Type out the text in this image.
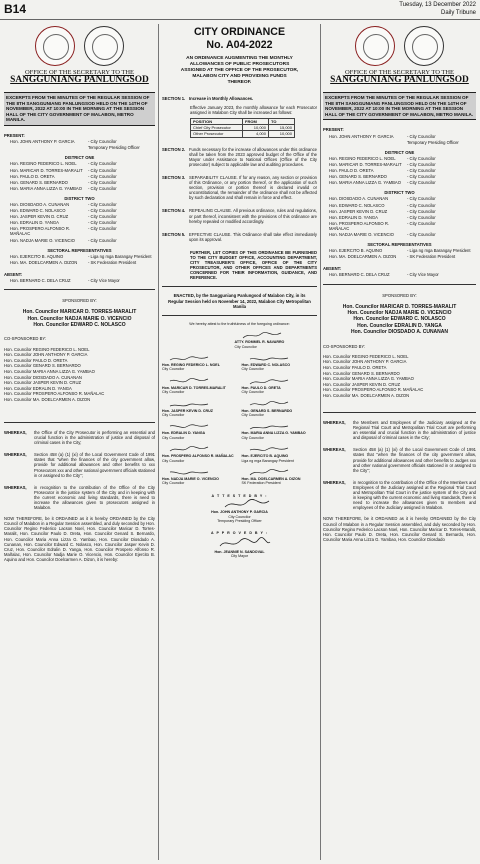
B14	Tuesday, 13 December 2022
Daily Tribune
OFFICE OF THE SECRETARY TO THE
SANGGUNIANG PANLUNGSOD
EXCERPTS FROM THE MINUTES OF THE REGULAR SESSION OF THE 8TH SANGGUNIANG PANLUNGSOD HELD ON THE 14TH OF NOVEMBER, 2022 AT 10:00 IN THE MORNING AT THE SESSION HALL OF THE CITY GOVERNMENT OF MALABON, METRO MANILA.
PRESENT:
Hon. JOHN ANTHONY P. GARCIA	- City Councilor
Temporary Presiding Officer
DISTRICT ONE
Hon. REGINO FEDERICO L. NOEL	- City Councilor
Hon. MARICAR D. TORRES-MARALIT	- City Councilor
Hon. PAULO D. ORETA	- City Councilor
Hon. GENARD S. BERNARDO	- City Councilor
Hon. MARIA ANNA LIZZA G. YAMBAO	- City Councilor
DISTRICT TWO
Hon. DIOSDADO A. CUNANAN	- City Councilor
Hon. EDWARD C. NOLASCO	- City Councilor
Hon. JASPER KEVIN D. CRUZ	- City Councilor
Hon. EDRALIN D. YANGA	- City Councilor
Hon. PROSPERO ALFONSO R. MAÑALAC
- City Councilor
Hon. NADJA MARIE O. VICENCIO	- City Councilor
SECTORAL REPRESENTATIVES
Hon. EJERCITO B. AQUINO	- Liga ng mga Barangay President
Hon. MA. DOELCARMEN A. DIZON	- SK Federation President
ABSENT:
Hon. BERNARD C. DELA CRUZ	- City Vice Mayor
SPONSORED BY:
Hon. Councilor MARICAR D. TORRES-MARALIT
Hon. Councilor NADJA MARIE O. VICENCIO
Hon. Councilor EDWARD C. NOLASCO
CO-SPONSORED BY:
Hon. Councilor REGINO FEDERICO L. NOEL
Hon. Councilor JOHN ANTHONY P. GARCIA
Hon. Councilor PAULO D. ORETA
Hon. Councilor GENARD S. BERNARDO
Hon. Councilor MARIA ANNA LIZZA G. YAMBAO
Hon. Councilor DIOSDADO A. CUNANAN
Hon. Councilor JASPER KEVIN D. CRUZ
Hon. Councilor EDRALIN D. YANGA
Hon. Councilor PROSPERO ALFONSO R. MAÑALAC
Hon. Councilor MA. DOELCARMEN A. DIZON
WHEREAS,	the Office of the City Prosecutor is performing an essential and crucial function in the administration of justice and disposal of criminal cases in the City;
WHEREAS,	Section 458 (a) (1) (xi) of the Local Government Code of 1991 states that "when the finances of the city government allow, provide for additional allowances and other benefits to xxx Prosecutors xxx and other national government officials stationed in or assigned to the City";
WHEREAS,	in recognition to the contribution of the Office of the City Prosecutor in the justice system of the City and in keeping with the current economic and living standards, there is need to increase the allowances given to prosecutors assigned in Malabon.
NOW THEREFORE, be it ORDAINED as it is hereby ORDAINED by the City Council of Malabon in a Regular Session assembled, and duly seconded by Hon. Councilor Regino Federico Lacson Noel, Hon. Councilor Maricar D. Torres-Maralit, Hon. Councilor Paulo D. Oreta, Hon. Councilor Genard S. Bernardo, Hon. Councilor Maria Anna Lizza G. Yambao, Hon. Councilor Diosdado A. Cunanan, Hon. Councilor Edward C. Nolasco, Hon. Councilor Jasper Kevin D. Cruz, Hon. Councilor Edralin D. Yanga, Hon. Councilor Prospero Alfonso R. Mañalac, Hon. Councilor Nadja Marie O. Vicencio, Hon. Councilor Ejercito B. Aquino and Hon. Councilor Doelcarmen A. Dizon, it is hereby:
CITY ORDINANCE
No. A04-2022
AN ORDINANCE AUGMENTING THE MONTHLY ALLOWANCES OF PUBLIC PROSECUTORS ASSIGNED AT THE OFFICE OF THE PROSECUTOR, MALABON CITY AND PROVIDING FUNDS THEREOF.
SECTION 1. Increase in Monthly Allowances.
Effective January 2023, the monthly allowance for each Prosecutor assigned in Malabon City shall be increased as follows:
POSITION	FROM	TO
Chief City Prosecutor	10,000	15,000
Other Prosecutor	4,000	10,000
SECTION 2. Funds necessary for the increase of allowances under this ordinance shall be taken from the 2023 approved budget of the Office of the Mayor under Assistance to National Offices (Office of the City prosecutor) subject to applicable law and auditing procedures.
SECTION 3. SEPARABILITY CLAUSE. If for any reason, any section or provision of this Ordinance, or any portion thereof, or the application of such section, provision or portion thereof is declared invalid or unconstitutional, the remainder of the ordinance shall not be affected by such declaration and shall remain in force and effect.
SECTION 4. REPEALING CLAUSE. All previous ordinance, rules and regulations, or part thereof, inconsistent with the provisions of this ordinance are hereby repealed or modified accordingly.
SECTION 5. EFFECTIVE CLAUSE. This Ordinance shall take effect immediately upon its approval.
FURTHER, LET COPIES OF THIS ORDINANCE BE FURNISHED TO THE CITY BUDGET OFFICE, ACCOUNTING DEPARTMENT, CITY TREASURER'S OFFICE, OFFICE OF THE CITY PROSECUTOR, AND OTHER OFFICES AND DEPARTMENTS CONCERNED FOR THEIR INFORMATION, GUIDANCE, AND REFERENCE.
ENACTED, by the Sangguniang Panlungsod of Malabon City, in its Regular Session held on November 14, 2022, Malabon City Metropolitan Manila
We hereby attest to the truthfulness of the foregoing ordinance:
ATTY. ROMMEL R. NAVARRO
City Councilor
Hon. REGINO FEDERICO L. NOEL
City Councilor
Hon. EDWARD C. NOLASCO
City Councilor
Hon. MARICAR D. TORRES-MARALIT
City Councilor
Hon. PAULO D. ORETA
City Councilor
Hon. JASPER KEVIN D. CRUZ
City Councilor
Hon. GENARD S. BERNARDO
City Councilor
Hon. EDRALIN D. YANGA
City Councilor
Hon. MARIA ANNA LIZZA G. YAMBAO
City Councilor
Hon. PROSPERO ALFONSO R. MAÑALAC
City Councilor
Hon. EJERCITO B. AQUINO
Liga ng mga Barangay President
Hon. NADJA MARIE O. VICENCIO
City Councilor
Hon. MA. DOELCARMEN A. DIZON
SK Federation President
A T T E S T E D B Y :
Hon. JOHN ANTHONY P. GARCIA
City Councilor
Temporary Presiding Officer
A P P R O V E D B Y :
Hon. JEANNIE N. SANDOVAL
City Mayor
OFFICE OF THE SECRETARY TO THE
SANGGUNIANG PANLUNGSOD
EXCERPTS FROM THE MINUTES OF THE REGULAR SESSION OF THE 8TH SANGGUNIANG PANLUNGSOD HELD ON THE 14TH OF NOVEMBER, 2022 AT 10:00 IN THE MORNING AT THE SESSION HALL OF THE CITY GOVERNMENT OF MALABON, METRO MANILA.
PRESENT:
Hon. JOHN ANTHONY P. GARCIA	- City Councilor
Temporary Presiding Officer
DISTRICT ONE
Hon. REGINO FEDERICO L. NOEL	- City Councilor
Hon. MARICAR D. TORRES-MARALIT	- City Councilor
Hon. PAULO D. ORETA	- City Councilor
Hon. GENARD S. BERNARDO	- City Councilor
Hon. MARIA ANNA LIZZA G. YAMBAO	- City Councilor
DISTRICT TWO
Hon. DIOSDADO A. CUNANAN	- City Councilor
Hon. EDWARD C. NOLASCO	- City Councilor
Hon. JASPER KEVIN D. CRUZ	- City Councilor
Hon. EDRALIN D. YANGA	- City Councilor
Hon. PROSPERO ALFONSO R. MAÑALAC
- City Councilor
Hon. NADJA MARIE O. VICENCIO	- City Councilor
SECTORAL REPRESENTATIVES
Hon. EJERCITO B. AQUINO	- Liga ng mga Barangay President
Hon. MA. DOELCARMEN A. DIZON	- SK Federation President
ABSENT:
Hon. BERNARD C. DELA CRUZ	- City Vice Mayor
SPONSORED BY:
Hon. Councilor MARICAR D. TORRES-MARALIT
Hon. Councilor NADJA MARIE O. VICENCIO
Hon. Councilor EDWARD C. NOLASCO
Hon. Councilor EDRALIN D. YANGA
Hon. Councilor DIOSDADO A. CUNANAN
CO-SPONSORED BY:
Hon. Councilor REGINO FEDERICO L. NOEL
Hon. Councilor JOHN ANTHONY P. GARCIA
Hon. Councilor PAULO D. ORETA
Hon. Councilor GENARD S. BERNARDO
Hon. Councilor MARIA ANNA LIZZA G. YAMBAO
Hon. Councilor JASPER KEVIN D. CRUZ
Hon. Councilor PROSPERO ALFONSO R. MAÑALAC
Hon. Councilor MA. DOELCARMEN A. DIZON
WHEREAS,	the Members and Employees of the Judiciary assigned at the Regional Trial Court and Metropolitan Trial Court are performing an essential and crucial function in the administration of justice and disposal of criminal cases in the City;
WHEREAS,	Section 458 (a) (1) (xi) of the Local Government Code of 1991 states that "when the finances of the city government allow, provide for additional allowances and other benefits to Judges xxx and other national government officials stationed in or assigned to the City";
WHEREAS,	in recognition to the contribution of the Office of the Members and Employees of the Judiciary assigned at the Regional Trial Court and Metropolitan Trial Court in the justice system of the City and in keeping with the current economic and living standards, there is need to increase the allowances given to members and employees of the Judiciary assigned in Malabon.
NOW THEREFORE, be it ORDAINED as it is hereby ORDAINED by the City Council of Malabon in a Regular Session assembled, and duly seconded by Hon. Councilor Regino Federico Lacson Noel, Hon. Councilor Maricar D. Torres-Maralit, Hon. Councilor Paulo D. Oreta, Hon. Councilor Genard S. Bernardo, Hon. Councilor Maria Anna Lizza G. Yambao, Hon. Councilor Diosdado
